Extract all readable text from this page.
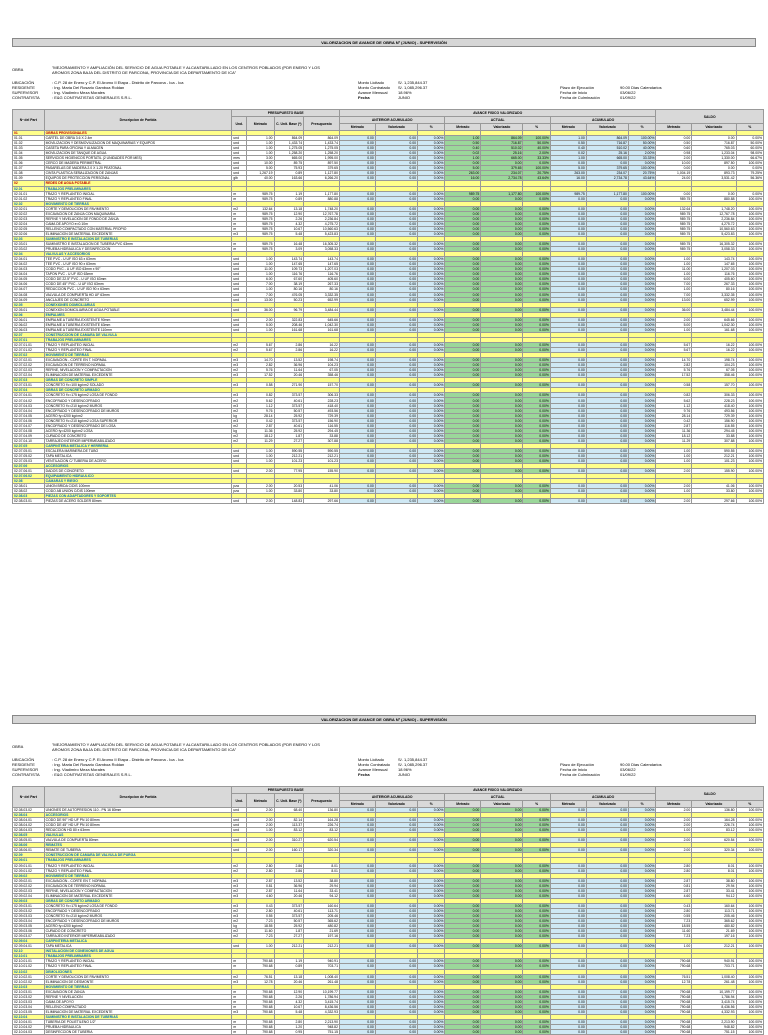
VALORIZACION DE AVANCE DE OBRA Nº (JUNIO) - SUPERVISIÓN
OBRA	"MEJORAMIENTO Y AMPLIACIÓN DEL SERVICIO DE AGUA POTABLE Y ALCANTARILLADO EN LOS CENTROS POBLADOS (PDR ENERO Y LOS AROMOS ZONA BAJA DEL DISTRITO DE PARCONA, PROVINCIA DE ICA DEPARTAMENTO DE ICA"
UBICACIÓN	: C.P. 28 de Enero y C.P. El Aromo II Etapa - Distrito de Parcona - Ica - Ica
RESIDENTE	: Ing. Maria Del Rosario Gamboa Roldan
SUPERVISOR	: Ing. Vladimiro Meza Morales
CONTRATISTA	: E&G CONTRATISTAS GENERALES S.R.L.
Monto Licitado	S/. 1,235,844.37
Monto Contratado S/. 1,085,296.37
Avance Mensual	18.96%
Fecha	JUNIO
Plazo de Ejecución	90.00 Dias Calendarios
Fecha de Inicio	03/06/22
Fecha de Culminación	01/09/22
Nº del Part	Descripcion de Partida	PRESUPUESTO BASE				AVANCE FISICO VALORIZADO									SALDO		
		Und.	Metrado	C. Unit. Base (*)	Presupuesto	ANTERIOR ACUMULADO			ACTUAL			ACUMULADO					
						Metrado	Valorizado	%	Metrado	Valorizado	%	Metrado	Valorizado	%	Metrado	Valorizado	%
01	OBRAS PROVISIONALES																
01.01	CARTEL DE OBRA 3.6 X 2.4m	und	1.00	864.09	864.09	0.00	0.00	0.00%	1.00	864.09	100.00%	1.00	864.09	100.00%	0.00	0.00	0.00%
01.02	MOVILIZACION Y DESMOVILIZACION DE MAQUINARIAS Y EQUIPOS	und	1.00	1,433.74	1,433.74	0.00	0.00	0.00%	0.50	716.87	50.00%	0.50	716.87	50.00%	0.50	716.87	50.00%
01.03	CASETA PARA OFICINA Y ALMACEN	und	1.00	1,275.05	1,275.05	0.00	0.00	0.00%	0.40	510.02	40.00%	0.40	510.02	40.00%	0.60	765.03	60.00%
01.04	MOVILIZACION DE TANQUE DE AGUA	und	1.00	1,258.20	1,258.20	0.00	0.00	0.00%	0.02	25.16	2.00%	0.02	25.16	2.00%	0.98	1,233.04	98.00%
01.05	SERVICIOS HIGIENICOS PORTATIL (2 UNIDADES POR MES)	mes	3.00	665.00	1,995.00	0.00	0.00	0.00%	1.00	665.00	33.33%	1.00	665.00	33.33%	2.00	1,330.00	66.67%
01.06	CERCO DE MADERA PERIMETRAL	und	10.00	89.75	897.50	0.00	0.00	0.00%	0.00	0.00	0.00%	0.00	0.00	0.00%	10.00	897.50	100.00%
01.07	PASARELAS DE MADERA 2.0 X 1.20 PEATONAL	und	5.00	75.93	379.65	0.00	0.00	0.00%	5.00	379.65	100.00%	5.00	379.65	100.00%	0.00	0.00	0.00%
01.08	CINTA PLASTICA SEÑALIZACION DE ZANJAS	und	1,267.19	0.89	1,127.80	0.00	0.00	0.00%	263.00	234.07	20.75%	263.00	234.07	20.75%	1,004.19	893.73	79.25%
01.09	EQUIPOS DE PROTECCION PERSONAL	glb	40.00	163.66	6,266.20	0.00	0.00	0.00%	16.00	2,734.78	43.64%	16.00	2,734.78	43.64%	24.00	3,531.42	56.36%
02	REDES DE AGUA POTABLE																
02.01	TRABAJOS PRELIMINARES																
02.01.01	TRAZO Y REPLANTEO INICIAL	m	989.75	1.19	1,177.80	0.00	0.00	0.00%	989.75	1,177.80	100.00%	989.75	1,177.80	100.00%	0.00	0.00	0.00%
02.01.02	TRAZO Y REPLANTEO FINAL	m	989.75	0.89	880.88	0.00	0.00	0.00%	0.00	0.00	0.00%	0.00	0.00	0.00%	989.75	880.88	100.00%
02.02	MOVIMIENTO DE TIERRAS																
02.02.01	CORTE Y DEMOLICION DE PAVIMENTO	m2	132.64	13.18	1,748.20	0.00	0.00	0.00%	0.00	0.00	0.00%	0.00	0.00	0.00%	132.64	1,748.20	100.00%
02.02.02	EXCAVACION DE ZANJA CON MAQUINARIA	m	989.75	12.90	12,767.78	0.00	0.00	0.00%	0.00	0.00	0.00%	0.00	0.00	0.00%	989.75	12,767.78	100.00%
02.02.03	REFINE Y NIVELACION DE FONDO DE ZANJA	m	989.75	2.26	2,236.84	0.00	0.00	0.00%	0.00	0.00	0.00%	0.00	0.00	0.00%	989.75	2,236.84	100.00%
02.02.04	CAMA DE APOYO e=0.10m	m	989.75	4.32	4,275.72	0.00	0.00	0.00%	0.00	0.00	0.00%	0.00	0.00	0.00%	989.75	4,275.72	100.00%
02.02.05	RELLENO COMPACTADO CON MATERIAL PROPIO	m	989.75	10.67	10,560.63	0.00	0.00	0.00%	0.00	0.00	0.00%	0.00	0.00	0.00%	989.75	10,560.63	100.00%
02.02.06	ELIMINACION DE MATERIAL EXCEDENTE	m3	989.75	5.48	5,423.83	0.00	0.00	0.00%	0.00	0.00	0.00%	0.00	0.00	0.00%	989.75	5,423.83	100.00%
02.03	SUMINISTRO E INSTALACION DE TUBERIAS																
02.03.01	SUMINISTRO E INSTALACION DE TUBERIA PVC 63mm	m	989.75	16.48	16,305.32	0.00	0.00	0.00%	0.00	0.00	0.00%	0.00	0.00	0.00%	989.75	16,305.32	100.00%
02.03.02	PRUEBA HIDRAULICA Y DESINFECCION	m	989.75	3.09	3,058.33	0.00	0.00	0.00%	0.00	0.00	0.00%	0.00	0.00	0.00%	989.75	3,058.33	100.00%
02.04	VALVULAS Y ACCESORIOS																
02.04.01	TEE PVC - U UF ISO 63 x 63mm	und	1.00	143.74	143.74	0.00	0.00	0.00%	0.00	0.00	0.00%	0.00	0.00	0.00%	1.00	143.74	100.00%
02.04.02	TEE PVC - U UF ISO 90 x 63mm	und	1.00	147.65	147.65	0.00	0.00	0.00%	0.00	0.00	0.00%	0.00	0.00	0.00%	1.00	147.65	100.00%
02.04.03	CODO PVC - U UF ISO 63mm x 90°	und	11.00	109.73	1,207.03	0.00	0.00	0.00%	0.00	0.00	0.00%	0.00	0.00	0.00%	11.00	1,207.03	100.00%
02.04.04	TAPON PVC - U UF ISO 63mm	und	1.00	116.76	116.76	0.00	0.00	0.00%	0.00	0.00	0.00%	0.00	0.00	0.00%	1.00	116.76	100.00%
02.04.05	CODO DE 22.5° PVC - U UF ISO 63mm	und	6.00	67.60	405.60	0.00	0.00	0.00%	0.00	0.00	0.00%	0.00	0.00	0.00%	6.00	405.60	100.00%
02.04.06	CODO DE 45° PVC - U UF ISO 63mm	und	7.00	38.19	267.33	0.00	0.00	0.00%	0.00	0.00	0.00%	0.00	0.00	0.00%	7.00	267.33	100.00%
02.04.07	REDUCCION PVC - U UF ISO 90 x 63mm	und	1.00	80.16	80.16	0.00	0.00	0.00%	0.00	0.00	0.00%	0.00	0.00	0.00%	1.00	80.16	100.00%
02.04.08	VALVULA DE COMPUERTA HD UF 63mm	und	7.00	476.05	3,332.35	0.00	0.00	0.00%	0.00	0.00	0.00%	0.00	0.00	0.00%	7.00	3,332.35	100.00%
02.04.09	ANCLAJES DE CONCRETO	und	13.00	50.23	652.99	0.00	0.00	0.00%	0.00	0.00	0.00%	0.00	0.00	0.00%	13.00	652.99	100.00%
02.05	CONEXIONES DOMICILIARIAS																
02.05.01	CONEXION DOMICILIARIA DE AGUA POTABLE	und	36.00	96.79	3,484.44	0.00	0.00	0.00%	0.00	0.00	0.00%	0.00	0.00	0.00%	36.00	3,484.44	100.00%
02.06	EMPALMES																
02.06.01	EMPALME A TUBERIA EXISTENTE 90mm	und	2.00	322.83	645.66	0.00	0.00	0.00%	0.00	0.00	0.00%	0.00	0.00	0.00%	2.00	645.66	100.00%
02.06.02	EMPALME A TUBERIA EXISTENTE 63mm	und	5.00	208.46	1,042.30	0.00	0.00	0.00%	0.00	0.00	0.00%	0.00	0.00	0.00%	5.00	1,042.30	100.00%
02.06.03	EMPALME A TUBERIA EXISTENTE 110mm	und	1.00	161.68	161.68	0.00	0.00	0.00%	0.00	0.00	0.00%	0.00	0.00	0.00%	1.00	161.68	100.00%
02.07	CONSTRUCCION DE CAMARA DE VALVULA																
02.07.01	TRABAJOS PRELIMINARES																
02.07.01.01	TRAZO Y REPLANTEO INICIAL	m2	5.67	2.86	16.22	0.00	0.00	0.00%	0.00	0.00	0.00%	0.00	0.00	0.00%	5.67	16.22	100.00%
02.07.01.02	TRAZO Y REPLANTEO FINAL	m2	5.67	2.86	16.22	0.00	0.00	0.00%	0.00	0.00	0.00%	0.00	0.00	0.00%	5.67	16.22	100.00%
02.07.02	MOVIMIENTO DE TIERRAS																
02.07.02.01	EXCAVACION - CORTE EN T. NORMAL	m3	14.70	13.52	198.74	0.00	0.00	0.00%	0.00	0.00	0.00%	0.00	0.00	0.00%	14.70	198.74	100.00%
02.07.02.02	EXCAVACION DE TERRENO NORMAL	m3	2.82	36.96	104.23	0.00	0.00	0.00%	0.00	0.00	0.00%	0.00	0.00	0.00%	2.82	104.23	100.00%
02.07.02.03	REFINE, NIVELACION Y COMPACTACION	m2	5.76	11.64	67.05	0.00	0.00	0.00%	0.00	0.00	0.00%	0.00	0.00	0.00%	5.76	67.05	100.00%
02.07.02.04	ELIMINACION DE MATERIAL EXCEDENTE	m3	17.52	20.46	358.46	0.00	0.00	0.00%	0.00	0.00	0.00%	0.00	0.00	0.00%	17.52	358.46	100.00%
02.07.03	OBRAS DE CONCRETO SIMPLE																
02.07.03.01	CONCRETO f'c=100 kg/cm2 SOLADO	m3	0.58	271.90	157.70	0.00	0.00	0.00%	0.00	0.00	0.00%	0.00	0.00	0.00%	0.58	157.70	100.00%
02.07.04	OBRAS DE CONCRETO ARMADO																
02.07.04.01	CONCRETO f'c=175 kg/cm2 LOSA DE FONDO	m3	0.82	373.57	306.33	0.00	0.00	0.00%	0.00	0.00	0.00%	0.00	0.00	0.00%	0.82	306.33	100.00%
02.07.04.02	ENCOFRADO Y DESENCOFRADO	m2	5.62	40.61	228.23	0.00	0.00	0.00%	0.00	0.00	0.00%	0.00	0.00	0.00%	5.62	228.23	100.00%
02.07.04.03	CONCRETO f'c=210 kg/cm2 MUROS	m3	1.12	373.57	418.40	0.00	0.00	0.00%	0.00	0.00	0.00%	0.00	0.00	0.00%	1.12	418.40	100.00%
02.07.04.04	ENCOFRADO Y DESENCOFRADO DE MUROS	m2	9.76	50.57	493.56	0.00	0.00	0.00%	0.00	0.00	0.00%	0.00	0.00	0.00%	9.76	493.56	100.00%
02.07.04.05	ACERO fy=4200 kg/cm2	kg	28.14	25.92	729.39	0.00	0.00	0.00%	0.00	0.00	0.00%	0.00	0.00	0.00%	28.14	729.39	100.00%
02.07.04.06	CONCRETO f'c=210 kg/cm2 LOSA SUPERIOR	m3	0.42	373.57	156.90	0.00	0.00	0.00%	0.00	0.00	0.00%	0.00	0.00	0.00%	0.42	156.90	100.00%
02.07.04.07	ENCOFRADO Y DESENCOFRADO DE LOSA	m2	2.87	40.61	116.55	0.00	0.00	0.00%	0.00	0.00	0.00%	0.00	0.00	0.00%	2.87	116.55	100.00%
02.07.04.08	ACERO fy=4200 kg/cm2 LOSA	kg	11.36	25.92	294.45	0.00	0.00	0.00%	0.00	0.00	0.00%	0.00	0.00	0.00%	11.36	294.45	100.00%
02.07.04.09	CURADO DE CONCRETO	m2	18.12	1.87	33.88	0.00	0.00	0.00%	0.00	0.00	0.00%	0.00	0.00	0.00%	18.12	33.88	100.00%
02.07.04.10	TARRAJEO INTERIOR IMPERMEABILIZADO	m2	11.29	27.27	307.88	0.00	0.00	0.00%	0.00	0.00	0.00%	0.00	0.00	0.00%	11.29	307.88	100.00%
02.07.05	CARPINTERIA METALICA Y HERRERIA																
02.07.05.01	ESCALERA MARINERA DE TUBO	und	1.00	590.55	590.55	0.00	0.00	0.00%	0.00	0.00	0.00%	0.00	0.00	0.00%	1.00	590.55	100.00%
02.07.05.02	TAPA METALICA	und	1.00	212.21	212.21	0.00	0.00	0.00%	0.00	0.00	0.00%	0.00	0.00	0.00%	1.00	212.21	100.00%
02.07.05.03	VENTILACION C/ TUBERIA DE ACERO	und	1.00	101.23	101.23	0.00	0.00	0.00%	0.00	0.00	0.00%	0.00	0.00	0.00%	1.00	101.23	100.00%
02.07.06	ACCESORIOS																
02.07.06.01	DADOS DE CONCRETO	und	2.00	77.95	155.90	0.00	0.00	0.00%	0.00	0.00	0.00%	0.00	0.00	0.00%	2.00	155.90	100.00%
02.07.06.02	EQUIPAMIENTO HIDRAULICO																
02.08	CAMARAS Y RIEGO																
02.08.01	UNION BRIDA C/DIS 100mm	pza	2.00	20.53	41.06	0.00	0.00	0.00%	0.00	0.00	0.00%	0.00	0.00	0.00%	2.00	41.06	100.00%
02.08.02	CODO AB UNION C/DIS 100mm	pza	1.00	33.80	33.80	0.00	0.00	0.00%	0.00	0.00	0.00%	0.00	0.00	0.00%	1.00	33.80	100.00%
02.08.03	PIEZAS CON ADAPTADORES Y SOPORTES																
02.08.03.01	PIEZAS DE ACERO SOLDER 80mm	und	2.00	148.83	297.66	0.00	0.00	0.00%	0.00	0.00	0.00%	0.00	0.00	0.00%	2.00	297.66	100.00%
VALORIZACION DE AVANCE DE OBRA Nº (JUNIO) - SUPERVISIÓN
OBRA	"MEJORAMIENTO Y AMPLIACIÓN DEL SERVICIO DE AGUA POTABLE Y ALCANTARILLADO EN LOS CENTROS POBLADOS (PDR ENERO Y LOS AROMOS ZONA BAJA DEL DISTRITO DE PARCONA, PROVINCIA DE ICA DEPARTAMENTO DE ICA"
UBICACIÓN	: C.P. 28 de Enero y C.P. El Aromo II Etapa - Distrito de Parcona - Ica - Ica
RESIDENTE	: Ing. Maria Del Rosario Gamboa Roldan
SUPERVISOR	: Ing. Vladimiro Meza Morales
CONTRATISTA	: E&G CONTRATISTAS GENERALES S.R.L.
Monto Licitado	S/. 1,235,844.37
Monto Contratado S/. 1,085,296.37
Avance Mensual	18.96%
Fecha	JUNIO
Plazo de Ejecución	90.00 Dias Calendarios
Fecha de Inicio	03/06/22
Fecha de Culminación	01/09/22
Nº del Part	Descripcion de Partida	PRESUPUESTO BASE				AVANCE FISICO VALORIZADO									SALDO		
		Und.	Metrado	C. Unit. Base (*)	Presupuesto	ANTERIOR ACUMULADO			ACTUAL			ACUMULADO					
						Metrado	Valorizado	%	Metrado	Valorizado	%	Metrado	Valorizado	%	Metrado	Valorizado	%
02.08.03.02	UNIONES DE AUTOPRESION 110 - PN 16 80mm	und	2.00	68.40	136.80	0.00	0.00	0.00%	0.00	0.00	0.00%	0.00	0.00	0.00%	2.00	136.80	100.00%
02.08.04	ACCESORIOS																
02.08.04.01	CODO DE 90° HD UF PN 10 80mm	und	2.00	82.14	164.28	0.00	0.00	0.00%	0.00	0.00	0.00%	0.00	0.00	0.00%	2.00	164.28	100.00%
02.08.04.02	CODO DE 45° HD UF PN 10 80mm	und	2.00	113.37	226.74	0.00	0.00	0.00%	0.00	0.00	0.00%	0.00	0.00	0.00%	2.00	226.74	100.00%
02.08.04.03	REDUCCION HD 80 x 63mm	und	1.00	83.12	83.12	0.00	0.00	0.00%	0.00	0.00	0.00%	0.00	0.00	0.00%	1.00	83.12	100.00%
02.08.05	VALVULAS																
02.08.05.01	VALVULA DE COMPUERTA 80mm	und	2.00	310.27	620.54	0.00	0.00	0.00%	0.00	0.00	0.00%	0.00	0.00	0.00%	2.00	620.54	100.00%
02.08.06	REMATES																
02.08.06.01	REMATE DE TUBERIA	und	2.00	160.17	320.34	0.00	0.00	0.00%	0.00	0.00	0.00%	0.00	0.00	0.00%	2.00	320.34	100.00%
02.09	CONSTRUCCION DE CAMARA DE VALVULA DE PURGA																
02.09.01	TRABAJOS PRELIMINARES																
02.09.01.01	TRAZO Y REPLANTEO INICIAL	m2	2.80	2.86	8.01	0.00	0.00	0.00%	0.00	0.00	0.00%	0.00	0.00	0.00%	2.80	8.01	100.00%
02.09.01.02	TRAZO Y REPLANTEO FINAL	m2	2.80	2.86	8.01	0.00	0.00	0.00%	0.00	0.00	0.00%	0.00	0.00	0.00%	2.80	8.01	100.00%
02.09.02	MOVIMIENTO DE TIERRAS																
02.09.02.01	EXCAVACION - CORTE EN T. NORMAL	m3	2.87	13.52	38.80	0.00	0.00	0.00%	0.00	0.00	0.00%	0.00	0.00	0.00%	2.87	38.80	100.00%
02.09.02.02	EXCAVACION DE TERRENO NORMAL	m3	0.81	36.96	29.94	0.00	0.00	0.00%	0.00	0.00	0.00%	0.00	0.00	0.00%	0.81	29.94	100.00%
02.09.02.03	REFINE, NIVELACION Y COMPACTACION	m2	2.87	11.64	33.41	0.00	0.00	0.00%	0.00	0.00	0.00%	0.00	0.00	0.00%	2.87	33.41	100.00%
02.09.02.04	ELIMINACION DE MATERIAL EXCEDENTE	m3	4.60	20.46	94.12	0.00	0.00	0.00%	0.00	0.00	0.00%	0.00	0.00	0.00%	4.60	94.12	100.00%
02.09.03	OBRAS DE CONCRETO ARMADO																
02.09.03.01	CONCRETO f'c=175 kg/cm2 LOSA DE FONDO	m3	0.43	373.57	160.64	0.00	0.00	0.00%	0.00	0.00	0.00%	0.00	0.00	0.00%	0.43	160.64	100.00%
02.09.03.02	ENCOFRADO Y DESENCOFRADO	m2	2.80	40.61	113.71	0.00	0.00	0.00%	0.00	0.00	0.00%	0.00	0.00	0.00%	2.80	113.71	100.00%
02.09.03.03	CONCRETO f'c=210 kg/cm2 MUROS	m3	0.55	373.57	205.46	0.00	0.00	0.00%	0.00	0.00	0.00%	0.00	0.00	0.00%	0.55	205.46	100.00%
02.09.03.04	ENCOFRADO Y DESENCOFRADO DE MUROS	m2	7.23	50.57	365.62	0.00	0.00	0.00%	0.00	0.00	0.00%	0.00	0.00	0.00%	7.23	365.62	100.00%
02.09.03.05	ACERO fy=4200 kg/cm2	kg	18.55	25.92	480.82	0.00	0.00	0.00%	0.00	0.00	0.00%	0.00	0.00	0.00%	18.55	480.82	100.00%
02.09.03.06	CURADO DE CONCRETO	m2	11.60	1.87	21.69	0.00	0.00	0.00%	0.00	0.00	0.00%	0.00	0.00	0.00%	11.60	21.69	100.00%
02.09.03.07	TARRAJEO INTERIOR IMPERMEABILIZADO	m2	7.23	27.27	197.16	0.00	0.00	0.00%	0.00	0.00	0.00%	0.00	0.00	0.00%	7.23	197.16	100.00%
02.09.04	CARPINTERIA METALICA																
02.09.04.01	TAPA METALICA	und	1.00	212.21	212.21	0.00	0.00	0.00%	0.00	0.00	0.00%	0.00	0.00	0.00%	1.00	212.21	100.00%
02.10	INSTALACION DE CONEXIONES DE AGUA																
02.10.01	TRABAJOS PRELIMINARES																
02.10.01.01	TRAZO Y REPLANTEO INICIAL	m	790.68	1.19	940.91	0.00	0.00	0.00%	0.00	0.00	0.00%	0.00	0.00	0.00%	790.68	940.91	100.00%
02.10.01.02	TRAZO Y REPLANTEO FINAL	m	790.68	0.89	703.71	0.00	0.00	0.00%	0.00	0.00	0.00%	0.00	0.00	0.00%	790.68	703.71	100.00%
02.10.02	DEMOLICIONES																
02.10.02.01	CORTE Y DEMOLICION DE PAVIMENTO	m2	76.51	13.18	1,008.40	0.00	0.00	0.00%	0.00	0.00	0.00%	0.00	0.00	0.00%	76.51	1,008.40	100.00%
02.10.02.02	ELIMINACION DE DESMONTE	m3	12.78	20.46	261.48	0.00	0.00	0.00%	0.00	0.00	0.00%	0.00	0.00	0.00%	12.78	261.48	100.00%
02.10.03	MOVIMIENTO DE TIERRAS																
02.10.03.01	EXCAVACION DE ZANJA	m	790.68	12.90	10,199.77	0.00	0.00	0.00%	0.00	0.00	0.00%	0.00	0.00	0.00%	790.68	10,199.77	100.00%
02.10.03.02	REFINE Y NIVELACION	m	790.68	2.26	1,786.94	0.00	0.00	0.00%	0.00	0.00	0.00%	0.00	0.00	0.00%	790.68	1,786.94	100.00%
02.10.03.03	CAMA DE APOYO	m	790.68	4.32	3,415.74	0.00	0.00	0.00%	0.00	0.00	0.00%	0.00	0.00	0.00%	790.68	3,415.74	100.00%
02.10.03.04	RELLENO COMPACTADO	m	790.68	10.67	8,436.56	0.00	0.00	0.00%	0.00	0.00	0.00%	0.00	0.00	0.00%	790.68	8,436.56	100.00%
02.10.03.05	ELIMINACION DE MATERIAL EXCEDENTE	m3	790.68	5.48	4,332.93	0.00	0.00	0.00%	0.00	0.00	0.00%	0.00	0.00	0.00%	790.68	4,332.93	100.00%
02.10.04	SUMINISTRO E INSTALACION DE TUBERIAS																
02.10.04.01	TUBERIA DE POLIETILENO 1/2"	m	790.68	2.80	2,213.90	0.00	0.00	0.00%	0.00	0.00	0.00%	0.00	0.00	0.00%	790.68	2,213.90	100.00%
02.10.04.02	PRUEBA HIDRAULICA	m	790.68	1.20	948.82	0.00	0.00	0.00%	0.00	0.00	0.00%	0.00	0.00	0.00%	790.68	948.82	100.00%
02.10.04.03	DESINFECCION DE TUBERIA	m	790.68	0.95	751.15	0.00	0.00	0.00%	0.00	0.00	0.00%	0.00	0.00	0.00%	790.68	751.15	100.00%
